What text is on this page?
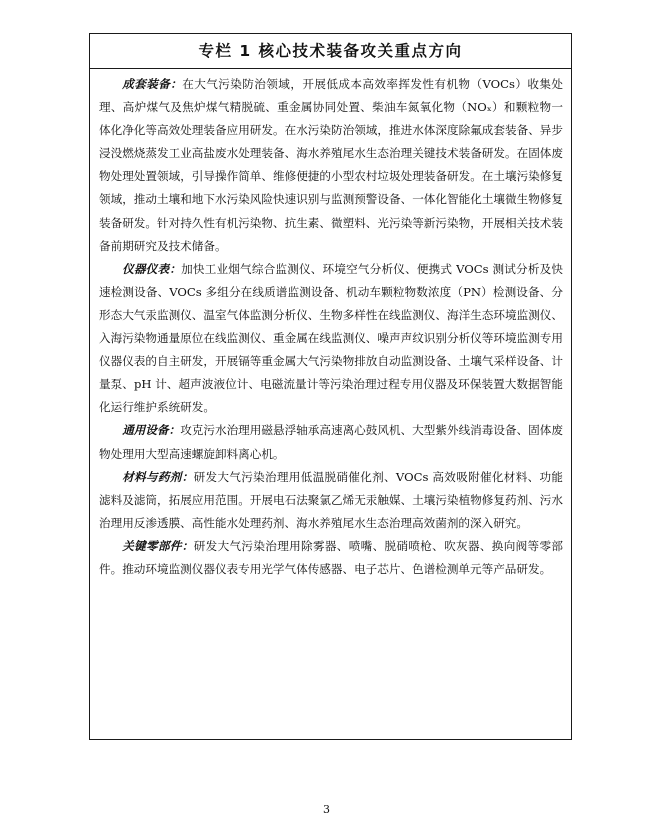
专栏 1 核心技术装备攻关重点方向

成套装备：在大气污染防治领域，开展低成本高效率挥发性有机物（VOCs）收集处理、高炉煤气及焦炉煤气精脱硫、重金属协同处置、柴油车氮氧化物（NOₓ）和颗粒物一体化净化等高效处理装备应用研发。在水污染防治领域，推进水体深度除氟成套装备、异步浸没燃烧蒸发工业高盐废水处理装备、海水养殖尾水生态治理关键技术装备研发。在固体废物处理处置领域，引导操作简单、维修便捷的小型农村垃圾处理装备研发。在土壤污染修复领域，推动土壤和地下水污染风险快速识别与监测预警设备、一体化智能化土壤微生物修复装备研发。针对持久性有机污染物、抗生素、微塑料、光污染等新污染物，开展相关技术装备前期研究及技术储备。

仪器仪表：加快工业烟气综合监测仪、环境空气分析仪、便携式 VOCs 测试分析及快速检测设备、VOCs 多组分在线质谱监测设备、机动车颗粒物数浓度（PN）检测设备、分形态大气汞监测仪、温室气体监测分析仪、生物多样性在线监测仪、海洋生态环境监测仪、入海污染物通量原位在线监测仪、重金属在线监测仪、噪声声纹识别分析仪等环境监测专用仪器仪表的自主研发，开展镉等重金属大气污染物排放自动监测设备、土壤气采样设备、计量泵、pH 计、超声波液位计、电磁流量计等污染治理过程专用仪器及环保装置大数据智能化运行维护系统研发。

通用设备：攻克污水治理用磁悬浮轴承高速离心鼓风机、大型紫外线消毒设备、固体废物处理用大型高速螺旋卸料离心机。

材料与药剂：研发大气污染治理用低温脱硝催化剂、VOCs 高效吸附催化材料、功能滤料及滤筒，拓展应用范围。开展电石法聚氯乙烯无汞触媒、土壤污染植物修复药剂、污水治理用反渗透膜、高性能水处理药剂、海水养殖尾水生态治理高效菌剂的深入研究。

关键零部件：研发大气污染治理用除雾器、喷嘴、脱硝喷枪、吹灰器、换向阀等零部件。推动环境监测仪器仪表专用光学气体传感器、电子芯片、色谱检测单元等产品研发。

3
